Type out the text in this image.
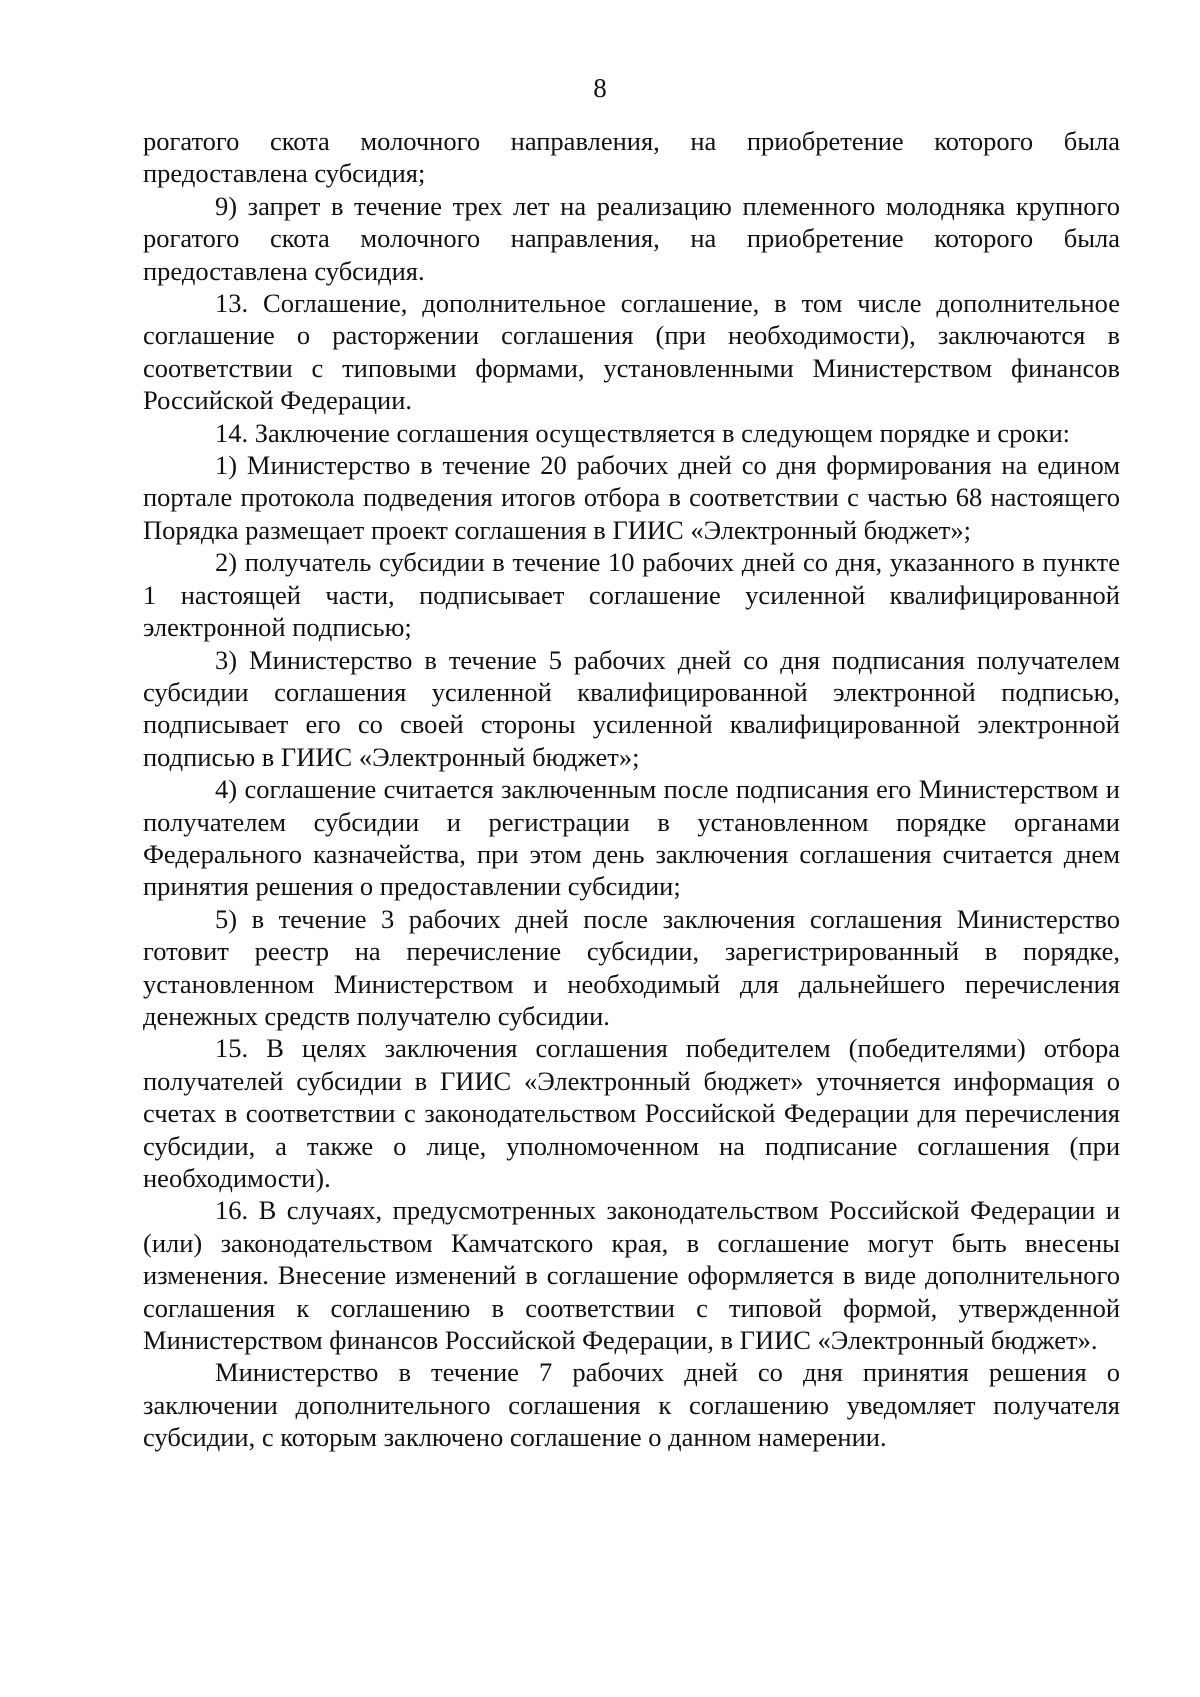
8

рогатого скота молочного направления, на приобретение которого была предоставлена субсидия;

9) запрет в течение трех лет на реализацию племенного молодняка крупного рогатого скота молочного направления, на приобретение которого была предоставлена субсидия.

13. Соглашение, дополнительное соглашение, в том числе дополнительное соглашение о расторжении соглашения (при необходимости), заключаются в соответствии с типовыми формами, установленными Министерством финансов Российской Федерации.

14. Заключение соглашения осуществляется в следующем порядке и сроки:

1) Министерство в течение 20 рабочих дней со дня формирования на едином портале протокола подведения итогов отбора в соответствии с частью 68 настоящего Порядка размещает проект соглашения в ГИИС «Электронный бюджет»;

2) получатель субсидии в течение 10 рабочих дней со дня, указанного в пункте 1 настоящей части, подписывает соглашение усиленной квалифицированной электронной подписью;

3) Министерство в течение 5 рабочих дней со дня подписания получателем субсидии соглашения усиленной квалифицированной электронной подписью, подписывает его со своей стороны усиленной квалифицированной электронной подписью в ГИИС «Электронный бюджет»;

4) соглашение считается заключенным после подписания его Министерством и получателем субсидии и регистрации в установленном порядке органами Федерального казначейства, при этом день заключения соглашения считается днем принятия решения о предоставлении субсидии;

5) в течение 3 рабочих дней после заключения соглашения Министерство готовит реестр на перечисление субсидии, зарегистрированный в порядке, установленном Министерством и необходимый для дальнейшего перечисления денежных средств получателю субсидии.

15. В целях заключения соглашения победителем (победителями) отбора получателей субсидии в ГИИС «Электронный бюджет» уточняется информация о счетах в соответствии с законодательством Российской Федерации для перечисления субсидии, а также о лице, уполномоченном на подписание соглашения (при необходимости).

16. В случаях, предусмотренных законодательством Российской Федерации и (или) законодательством Камчатского края, в соглашение могут быть внесены изменения. Внесение изменений в соглашение оформляется в виде дополнительного соглашения к соглашению в соответствии с типовой формой, утвержденной Министерством финансов Российской Федерации, в ГИИС «Электронный бюджет».

Министерство в течение 7 рабочих дней со дня принятия решения о заключении дополнительного соглашения к соглашению уведомляет получателя субсидии, с которым заключено соглашение о данном намерении.
